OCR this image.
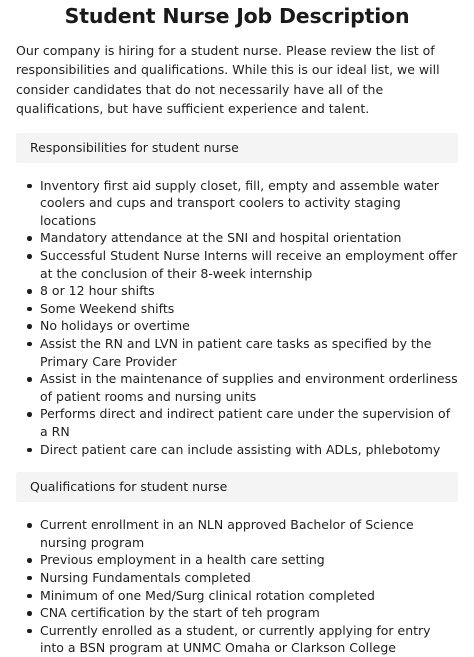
Student Nurse Job Description

Our company is hiring for a student nurse. Please review the list of responsibilities and qualifications. While this is our ideal list, we will consider candidates that do not necessarily have all of the qualifications, but have sufficient experience and talent.

Responsibilities for student nurse
Inventory first aid supply closet, fill, empty and assemble water coolers and cups and transport coolers to activity staging locations
Mandatory attendance at the SNI and hospital orientation
Successful Student Nurse Interns will receive an employment offer at the conclusion of their 8-week internship
8 or 12 hour shifts
Some Weekend shifts
No holidays or overtime
Assist the RN and LVN in patient care tasks as specified by the Primary Care Provider
Assist in the maintenance of supplies and environment orderliness of patient rooms and nursing units
Performs direct and indirect patient care under the supervision of a RN
Direct patient care can include assisting with ADLs, phlebotomy
Qualifications for student nurse
Current enrollment in an NLN approved Bachelor of Science nursing program
Previous employment in a health care setting
Nursing Fundamentals completed
Minimum of one Med/Surg clinical rotation completed
CNA certification by the start of teh program
Currently enrolled as a student, or currently applying for entry into a BSN program at UNMC Omaha or Clarkson College
